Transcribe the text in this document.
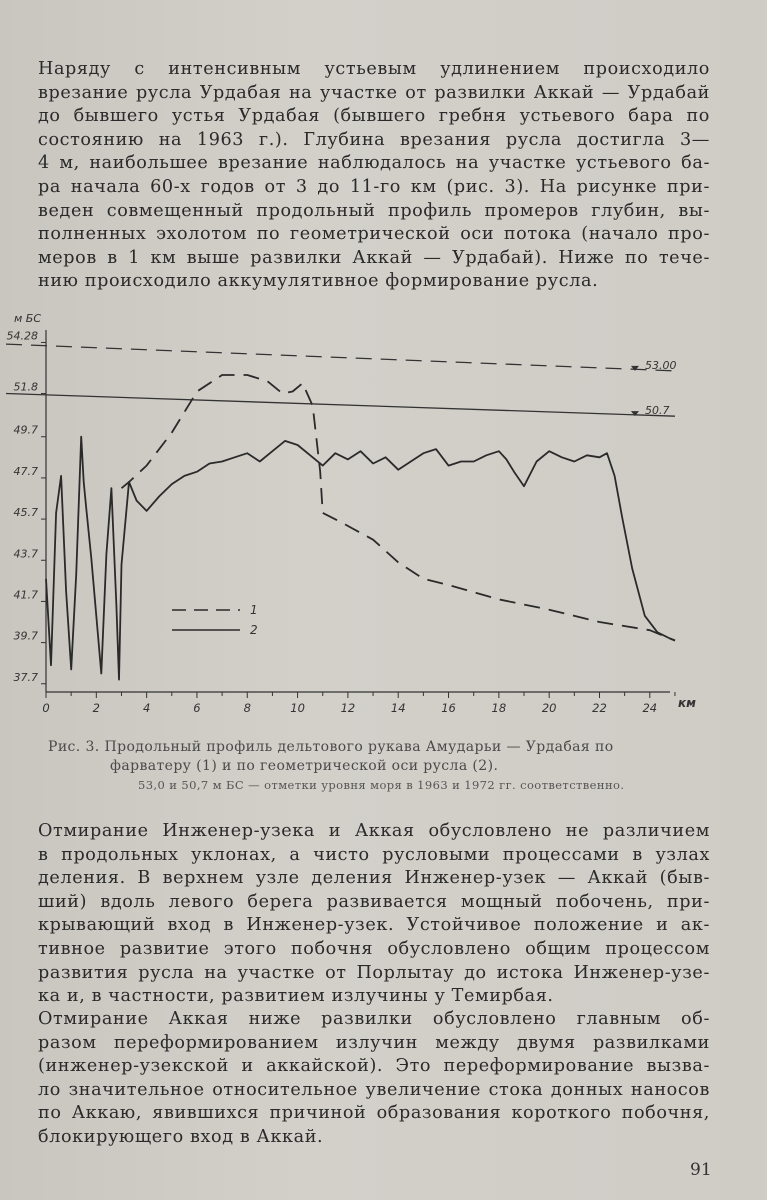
Наряду с интенсивным устьевым удлинением происходило
врезание русла Урдабая на участке от развилки Аккай — Урдабай
до бывшего устья Урдабая (бывшего гребня устьевого бара по
состоянию на 1963 г.). Глубина врезания русла достигла 3—
4 м, наибольшее врезание наблюдалось на участке устьевого ба-
ра начала 60-х годов от 3 до 11-го км (рис. 3). На рисунке при-
веден совмещенный продольный профиль промеров глубин, вы-
полненных эхолотом по геометрической оси потока (начало про-
меров в 1 км выше развилки Аккай — Урдабай). Ниже по тече-
нию происходило аккумулятивное формирование русла.

37.7
39.7
41.7
43.7
45.7
47.7
49.7
51.8
54.28
0	2	4	6	8	10	12	14	16	18	20	22	24
53.00
50.7
1
2
м БС
км
Рис. 3. Продольный профиль дельтового рукава Амударьи — Урдабая по
фарватеру (1) и по геометрической оси русла (2).
53,0 и 50,7 м БС — отметки уровня моря в 1963 и 1972 гг. соответственно.

Отмирание Инженер-узека и Аккая обусловлено не различием
в продольных уклонах, а чисто русловыми процессами в узлах
деления. В верхнем узле деления Инженер-узек — Аккай (быв-
ший) вдоль левого берега развивается мощный побочень, при-
крывающий вход в Инженер-узек. Устойчивое положение и ак-
тивное развитие этого побочня обусловлено общим процессом
развития русла на участке от Порлытау до истока Инженер-узе-
ка и, в частности, развитием излучины у Темирбая.

Отмирание Аккая ниже развилки обусловлено главным об-
разом переформированием излучин между двумя развилками
(инженер-узекской и аккайской). Это переформирование вызва-
ло значительное относительное увеличение стока донных наносов
по Аккаю, явившихся причиной образования короткого побочня,
блокирующего вход в Аккай.

91
